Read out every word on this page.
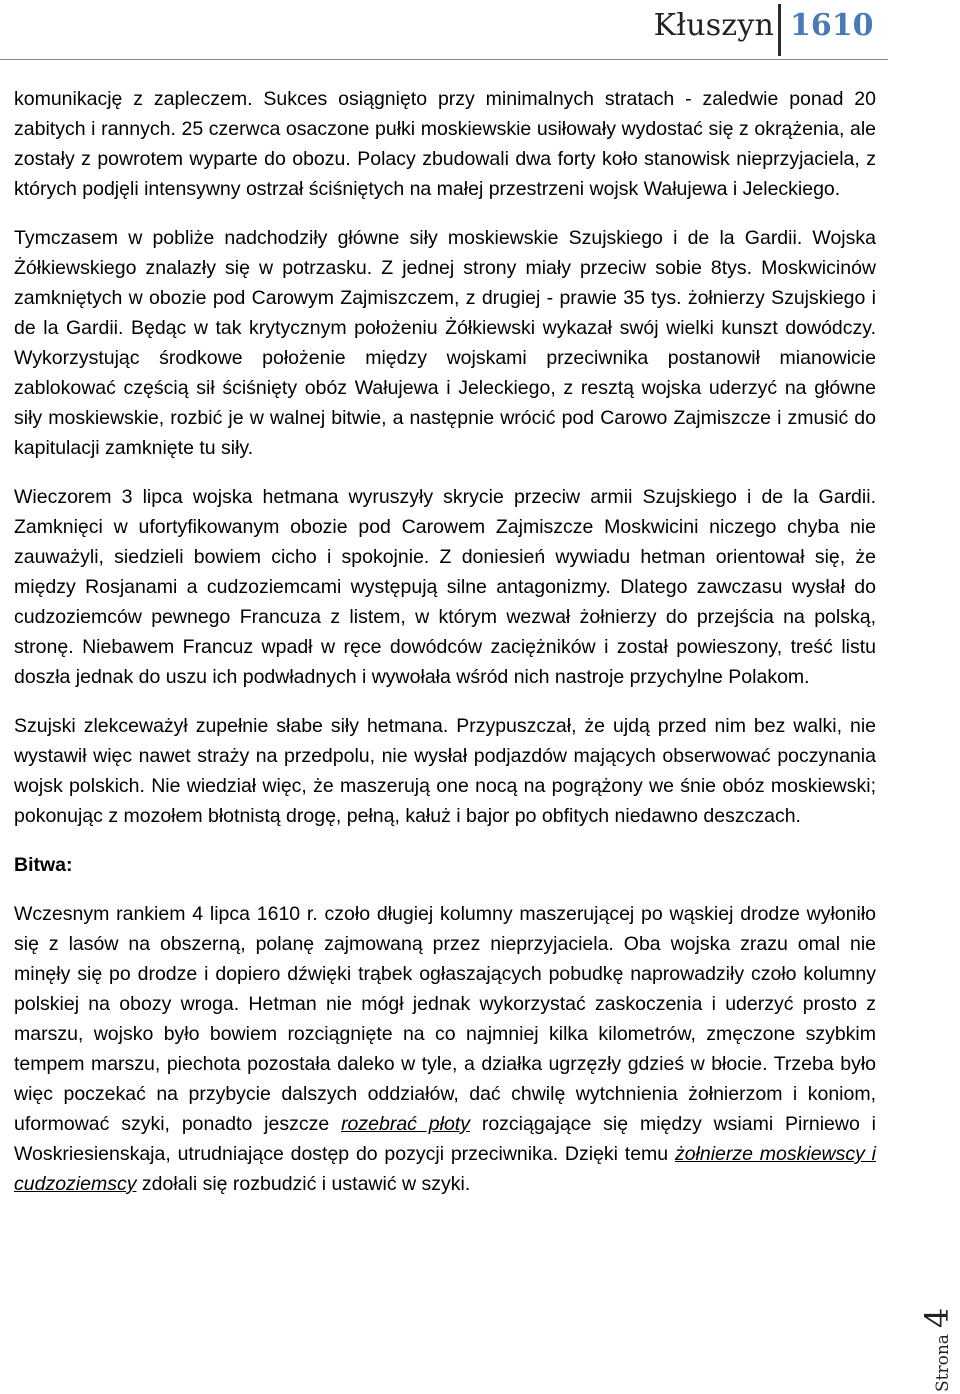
Kłuszyn 1610

komunikację z zapleczem. Sukces osiągnięto przy minimalnych stratach - zaledwie ponad 20 zabitych i rannych. 25 czerwca osaczone pułki moskiewskie usiłowały wydostać się z okrążenia, ale zostały z powrotem wyparte do obozu. Polacy zbudowali dwa forty koło stanowisk nieprzyjaciela, z których podjęli intensywny ostrzał ściśniętych na małej przestrzeni wojsk Wałujewa i Jeleckiego.

Tymczasem w pobliże nadchodziły główne siły moskiewskie Szujskiego i de la Gardii. Wojska Żółkiewskiego znalazły się w potrzasku. Z jednej strony miały przeciw sobie 8tys. Moskwicinów zamkniętych w obozie pod Carowym Zajmiszczem, z drugiej - prawie 35 tys. żołnierzy Szujskiego i de la Gardii. Będąc w tak krytycznym położeniu Żółkiewski wykazał swój wielki kunszt dowódczy. Wykorzystując środkowe położenie między wojskami przeciwnika postanowił mianowicie zablokować częścią sił ściśnięty obóz Wałujewa i Jeleckiego, z resztą wojska uderzyć na główne siły moskiewskie, rozbić je w walnej bitwie, a następnie wrócić pod Carowo Zajmiszcze i zmusić do kapitulacji zamknięte tu siły.

Wieczorem 3 lipca wojska hetmana wyruszyły skrycie przeciw armii Szujskiego i de la Gardii. Zamknięci w ufortyfikowanym obozie pod Carowem Zajmiszcze Moskwicini niczego chyba nie zauważyli, siedzieli bowiem cicho i spokojnie. Z doniesień wywiadu hetman orientował się, że między Rosjanami a cudzoziemcami występują silne antagonizmy. Dlatego zawczasu wysłał do cudzoziemców pewnego Francuza z listem, w którym wezwał żołnierzy do przejścia na polską, stronę. Niebawem Francuz wpadł w ręce dowódców zaciężników i został powieszony, treść listu doszła jednak do uszu ich podwładnych i wywołała wśród nich nastroje przychylne Polakom.

Szujski zlekceważył zupełnie słabe siły hetmana. Przypuszczał, że ujdą przed nim bez walki, nie wystawił więc nawet straży na przedpolu, nie wysłał podjazdów mających obserwować poczynania wojsk polskich. Nie wiedział więc, że maszerują one nocą na pogrążony we śnie obóz moskiewski; pokonując z mozołem błotnistą drogę, pełną, kałuż i bajor po obfitych niedawno deszczach.

Bitwa:

Wczesnym rankiem 4 lipca 1610 r. czoło długiej kolumny maszerującej po wąskiej drodze wyłoniło się z lasów na obszerną, polanę zajmowaną przez nieprzyjaciela. Oba wojska zrazu omal nie minęły się po drodze i dopiero dźwięki trąbek ogłaszających pobudkę naprowadziły czoło kolumny polskiej na obozy wroga. Hetman nie mógł jednak wykorzystać zaskoczenia i uderzyć prosto z marszu, wojsko było bowiem rozciągnięte na co najmniej kilka kilometrów, zmęczone szybkim tempem marszu, piechota pozostała daleko w tyle, a działka ugrzęzły gdzieś w błocie. Trzeba było więc poczekać na przybycie dalszych oddziałów, dać chwilę wytchnienia żołnierzom i koniom, uformować szyki, ponadto jeszcze rozebrać płoty rozciągające się między wsiami Pirniewo i Woskriesienskaja, utrudniające dostęp do pozycji przeciwnika. Dzięki temu żołnierze moskiewscy i cudzoziemscy zdołali się rozbudzić i ustawić w szyki.

Strona4
